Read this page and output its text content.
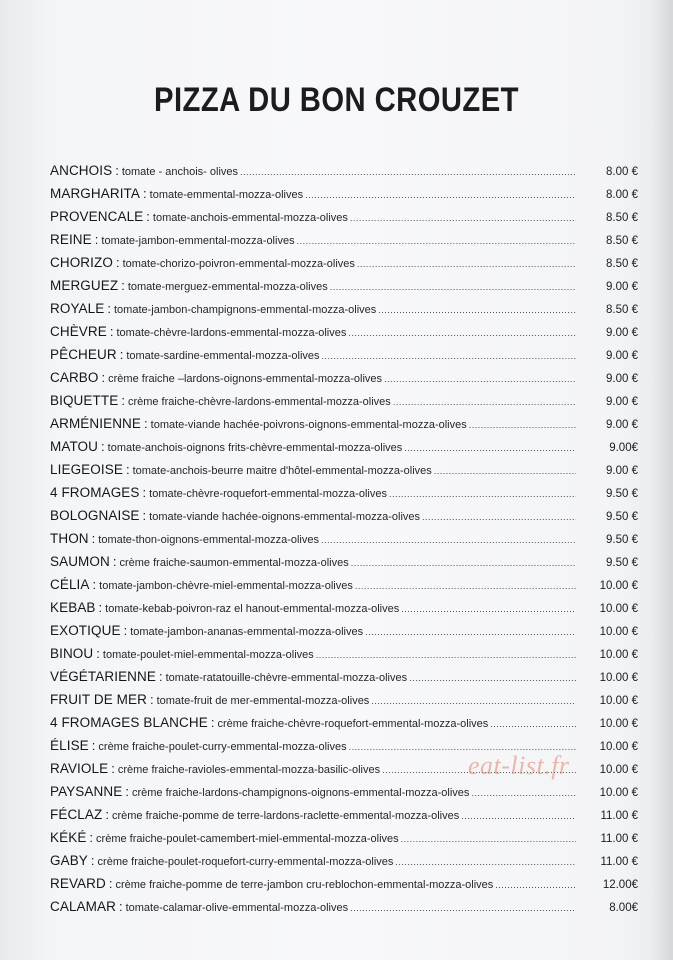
PIZZA DU BON CROUZET
ANCHOIS : tomate - anchois- olives .....	8.00 €
MARGHARITA : tomate-emmental-mozza-olives .....	8.00 €
PROVENCALE : tomate-anchois-emmental-mozza-olives .....	8.50 €
REINE : tomate-jambon-emmental-mozza-olives .....	8.50 €
CHORIZO : tomate-chorizo-poivron-emmental-mozza-olives .....	8.50 €
MERGUEZ : tomate-merguez-emmental-mozza-olives .....	9.00 €
ROYALE : tomate-jambon-champignons-emmental-mozza-olives .....	8.50 €
CHÈVRE : tomate-chèvre-lardons-emmental-mozza-olives .....	9.00 €
PÊCHEUR : tomate-sardine-emmental-mozza-olives .....	9.00 €
CARBO : crème fraiche –lardons-oignons-emmental-mozza-olives .....	9.00 €
BIQUETTE : crème fraiche-chèvre-lardons-emmental-mozza-olives .....	9.00 €
ARMÉNIENNE : tomate-viande hachée-poivrons-oignons-emmental-mozza-olives .....	9.00 €
MATOU : tomate-anchois-oignons frits-chèvre-emmental-mozza-olives .....	9.00€
LIEGEOISE : tomate-anchois-beurre maitre d'hôtel-emmental-mozza-olives .....	9.00 €
4 FROMAGES : tomate-chèvre-roquefort-emmental-mozza-olives .....	9.50 €
BOLOGNAISE : tomate-viande hachée-oignons-emmental-mozza-olives .....	9.50 €
THON : tomate-thon-oignons-emmental-mozza-olives .....	9.50 €
SAUMON : crème fraiche-saumon-emmental-mozza-olives .....	9.50 €
CÉLIA : tomate-jambon-chèvre-miel-emmental-mozza-olives .....	10.00 €
KEBAB : tomate-kebab-poivron-raz el hanout-emmental-mozza-olives .....	10.00 €
EXOTIQUE : tomate-jambon-ananas-emmental-mozza-olives .....	10.00 €
BINOU : tomate-poulet-miel-emmental-mozza-olives .....	10.00 €
VÉGÉTARIENNE : tomate-ratatouille-chèvre-emmental-mozza-olives .....	10.00 €
FRUIT DE MER : tomate-fruit de mer-emmental-mozza-olives .....	10.00 €
4 FROMAGES BLANCHE : crème fraiche-chèvre-roquefort-emmental-mozza-olives .....	10.00 €
ÉLISE : crème fraiche-poulet-curry-emmental-mozza-olives .....	10.00 €
RAVIOLE : crème fraiche-ravioles-emmental-mozza-basilic-olives .....	10.00 €
PAYSANNE : crème fraiche-lardons-champignons-oignons-emmental-mozza-olives .....	10.00 €
FÉCLAZ : crème fraiche-pomme de terre-lardons-raclette-emmental-mozza-olives .....	11.00 €
KÉKÉ : crème fraiche-poulet-camembert-miel-emmental-mozza-olives .....	11.00 €
GABY : crème fraiche-poulet-roquefort-curry-emmental-mozza-olives .....	11.00 €
REVARD : crème fraiche-pomme de terre-jambon cru-reblochon-emmental-mozza-olives .....	12.00€
CALAMAR : tomate-calamar-olive-emmental-mozza-olives .....	8.00€
eat-list.fr
